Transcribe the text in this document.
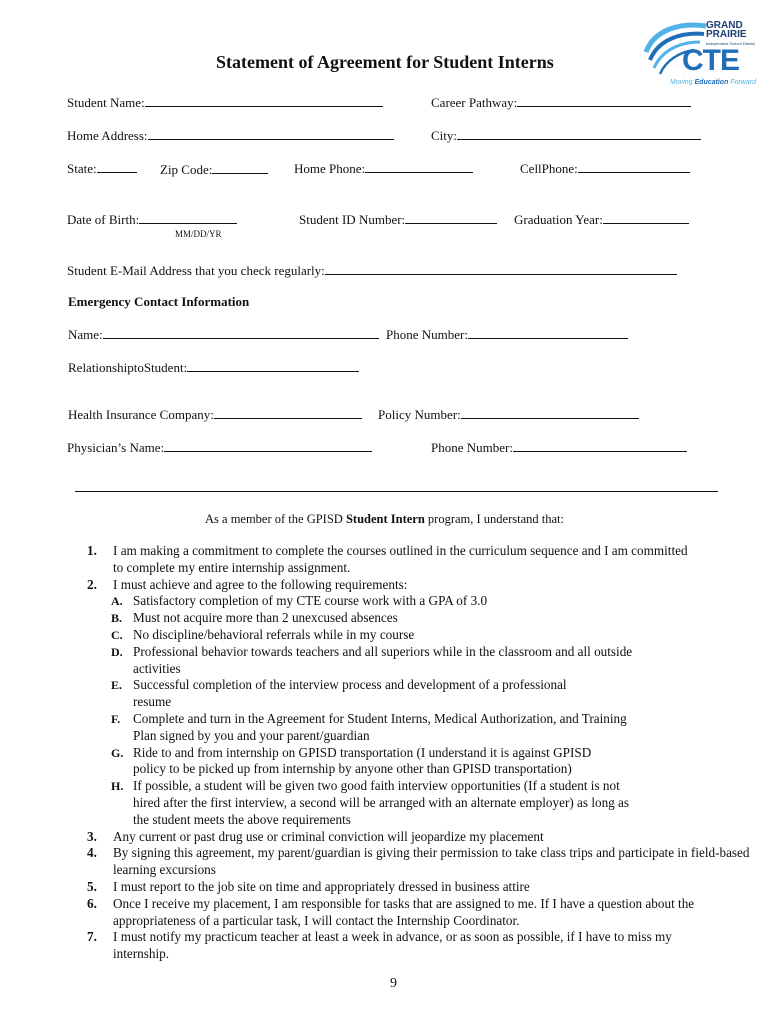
GRAND
PRAIRIE
Independent School District
CTE
Moving Education Forward
Statement of Agreement for Student Interns
Student Name:	Career Pathway:
Home Address:	City:
State:	Zip Code:	Home Phone:	CellPhone:
Date of Birth:
MM/DD/YR
Student ID Number:	Graduation Year:
Student E-Mail Address that you check regularly:
Emergency Contact Information
Name:	Phone Number:
RelationshiptoStudent:
Health Insurance Company:	Policy Number:
Physician’s Name:	Phone Number:
As a member of the GPISD Student Intern program, I understand that:
1. I am making a commitment to complete the courses outlined in the curriculum sequence and I am committed to complete my entire internship assignment.
2. I must achieve and agree to the following requirements:
A. Satisfactory completion of my CTE course work with a GPA of 3.0
B. Must not acquire more than 2 unexcused absences
C. No discipline/behavioral referrals while in my course
D. Professional behavior towards teachers and all superiors while in the classroom and all outside activities
E. Successful completion of the interview process and development of a professional resume
F. Complete and turn in the Agreement for Student Interns, Medical Authorization, and Training Plan signed by you and your parent/guardian
G. Ride to and from internship on GPISD transportation (I understand it is against GPISD policy to be picked up from internship by anyone other than GPISD transportation)
H. If possible, a student will be given two good faith interview opportunities (If a student is not hired after the first interview, a second will be arranged with an alternate employer) as long as the student meets the above requirements
3. Any current or past drug use or criminal conviction will jeopardize my placement
4. By signing this agreement, my parent/guardian is giving their permission to take class trips and participate in field-based learning excursions
5. I must report to the job site on time and appropriately dressed in business attire
6. Once I receive my placement, I am responsible for tasks that are assigned to me. If I have a question about the appropriateness of a particular task, I will contact the Internship Coordinator.
7. I must notify my practicum teacher at least a week in advance, or as soon as possible, if I have to miss my internship.
9
